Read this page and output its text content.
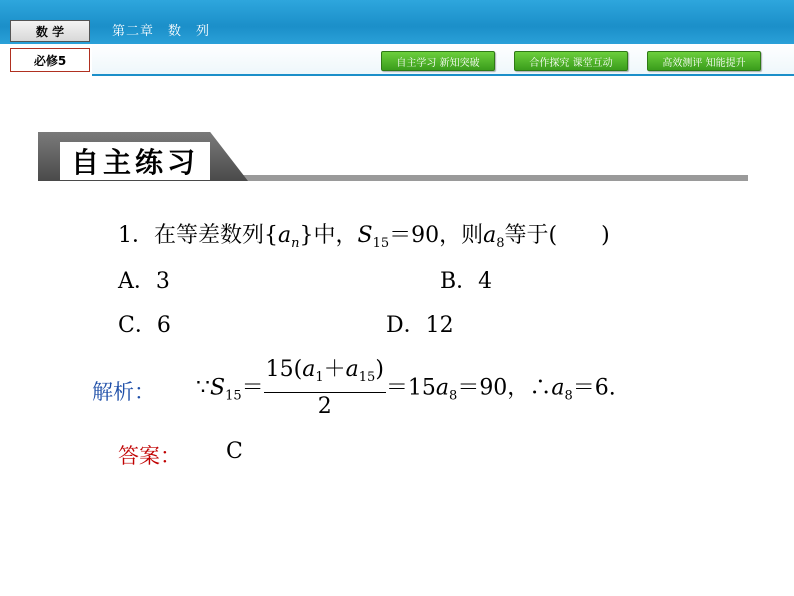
数 学
必修5
第二章　数　列
自主学习 新知突破	合作探究 课堂互动	高效测评 知能提升
自主练习
1．在等差数列$\{a_n\}$中，$S_{15}=90$，则$a_8$等于(　　)
A．3	B．4
C．6	D．12
解析： $\because S_{15}= \frac{15(a_1+a_{15})}{2} =15a_8=90$，$\therefore a_8=6$.
答案： C
